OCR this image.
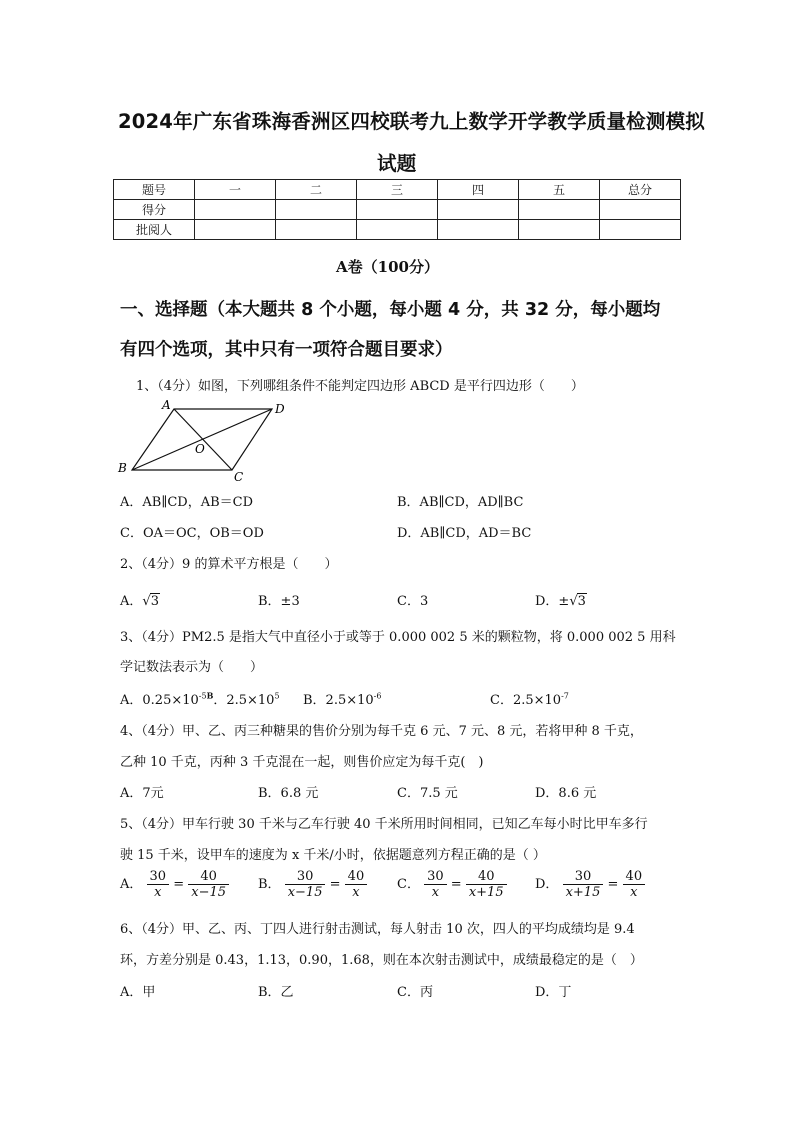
2024年广东省珠海香洲区四校联考九上数学开学教学质量检测模拟
试题
题号	一	二	三	四	五	总分
得分						
批阅人						
A卷（100分）
一、选择题（本大题共 8 个小题，每小题 4 分，共 32 分，每小题均
有四个选项，其中只有一项符合题目要求）
1、（4分）如图，下列哪组条件不能判定四边形 ABCD 是平行四边形（　　）
A	D
B
C
O
A．AB∥CD，AB＝CD	B．AB∥CD，AD∥BC
C．OA＝OC，OB＝OD	D．AB∥CD，AD＝BC
2、（4分）9 的算术平方根是（　　）
A．√3	B．±3	C．3	D．±√3
3、（4分）PM2.5 是指大气中直径小于或等于 0.000 002 5 米的颗粒物，将 0.000 002 5 用科
学记数法表示为（　　）
A．$0.25\times 10^{-5B}$．$2.5\times 10^5$ B．$2.5\times 10^{-6}$	C．$2.5\times 10^{-7}$
4、（4分）甲、乙、丙三种糖果的售价分别为每千克 6 元、7 元、8 元，若将甲种 8 千克，
乙种 10 千克，丙种 3 千克混在一起，则售价应定为每千克(　)
A．7元	B．6.8 元	C．7.5 元	D．8.6 元
5、（4分）甲车行驶 30 千米与乙车行驶 40 千米所用时间相同，已知乙车每小时比甲车多行
驶 15 千米，设甲车的速度为 x 千米/小时，依据题意列方程正确的是（ ）
A． $\frac{30}{x} = \frac{40}{x-15}$ B． $\frac{30}{x-15} = \frac{40}{x}$ C． $\frac{30}{x} = \frac{40}{x+15}$ D． $\frac{30}{x+15} = \frac{40}{x}$
6、（4分）甲、乙、丙、丁四人进行射击测试，每人射击 10 次，四人的平均成绩均是 9.4
环，方差分别是 0.43，1.13，0.90，1.68，则在本次射击测试中，成绩最稳定的是（　）
A．甲	B．乙	C．丙	D．丁
